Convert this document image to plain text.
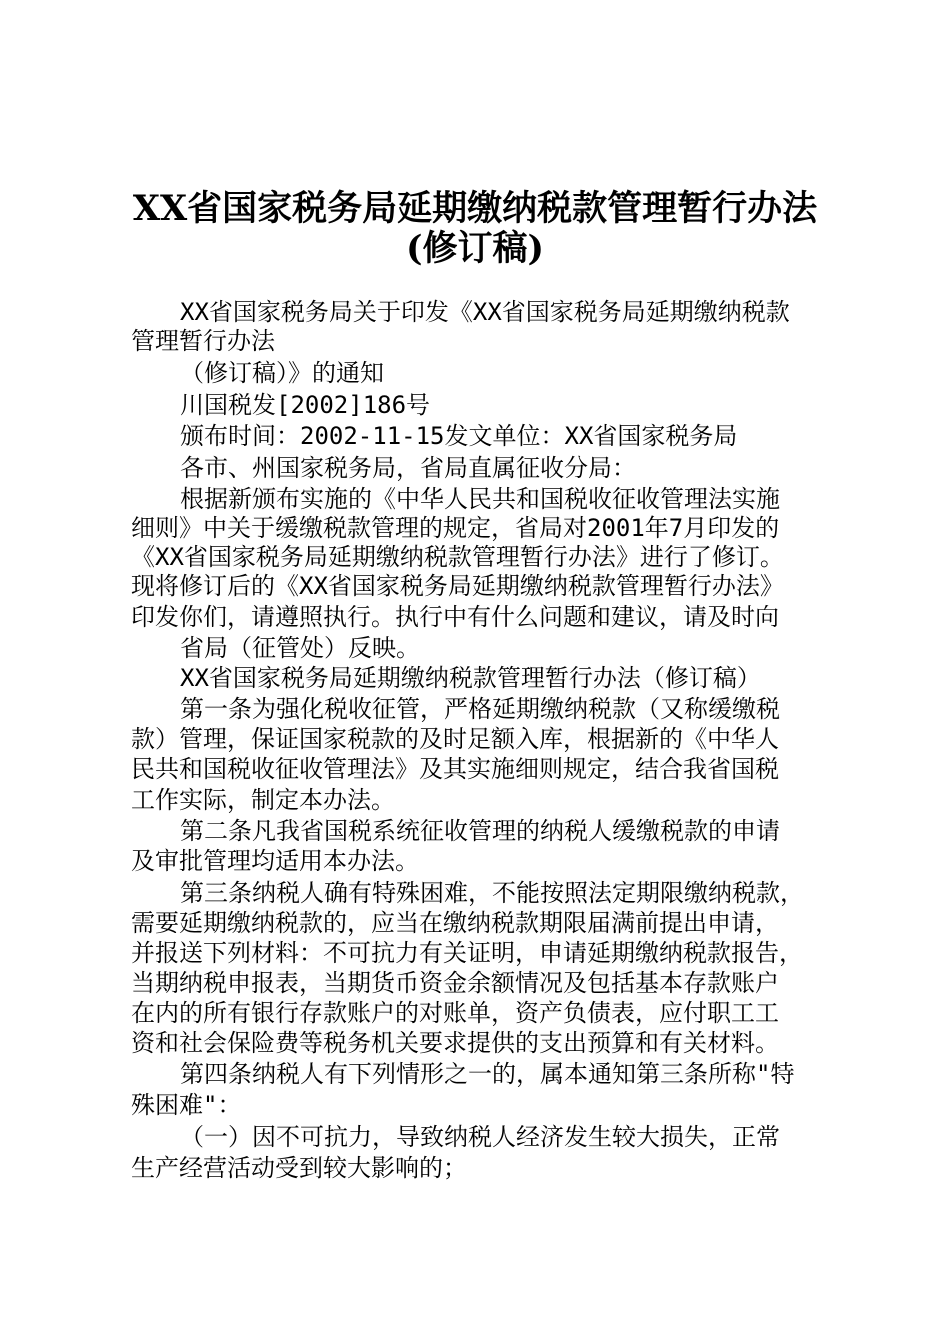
XX省国家税务局延期缴纳税款管理暂行办法
(修订稿)
XX省国家税务局关于印发《XX省国家税务局延期缴纳税款
管理暂行办法
（修订稿）》的通知
川国税发[2002]186号
颁布时间：2002-11-15发文单位：XX省国家税务局
各市、州国家税务局，省局直属征收分局：
根据新颁布实施的《中华人民共和国税收征收管理法实施
细则》中关于缓缴税款管理的规定，省局对2001年7月印发的
《XX省国家税务局延期缴纳税款管理暂行办法》进行了修订。
现将修订后的《XX省国家税务局延期缴纳税款管理暂行办法》
印发你们，请遵照执行。执行中有什么问题和建议，请及时向
省局（征管处）反映。
XX省国家税务局延期缴纳税款管理暂行办法（修订稿）
第一条为强化税收征管，严格延期缴纳税款（又称缓缴税
款）管理，保证国家税款的及时足额入库，根据新的《中华人
民共和国税收征收管理法》及其实施细则规定，结合我省国税
工作实际，制定本办法。
第二条凡我省国税系统征收管理的纳税人缓缴税款的申请
及审批管理均适用本办法。
第三条纳税人确有特殊困难，不能按照法定期限缴纳税款，
需要延期缴纳税款的，应当在缴纳税款期限届满前提出申请，
并报送下列材料：不可抗力有关证明，申请延期缴纳税款报告，
当期纳税申报表，当期货币资金余额情况及包括基本存款账户
在内的所有银行存款账户的对账单，资产负债表，应付职工工
资和社会保险费等税务机关要求提供的支出预算和有关材料。
第四条纳税人有下列情形之一的，属本通知第三条所称"特
殊困难"：
（一）因不可抗力，导致纳税人经济发生较大损失，正常
生产经营活动受到较大影响的；
